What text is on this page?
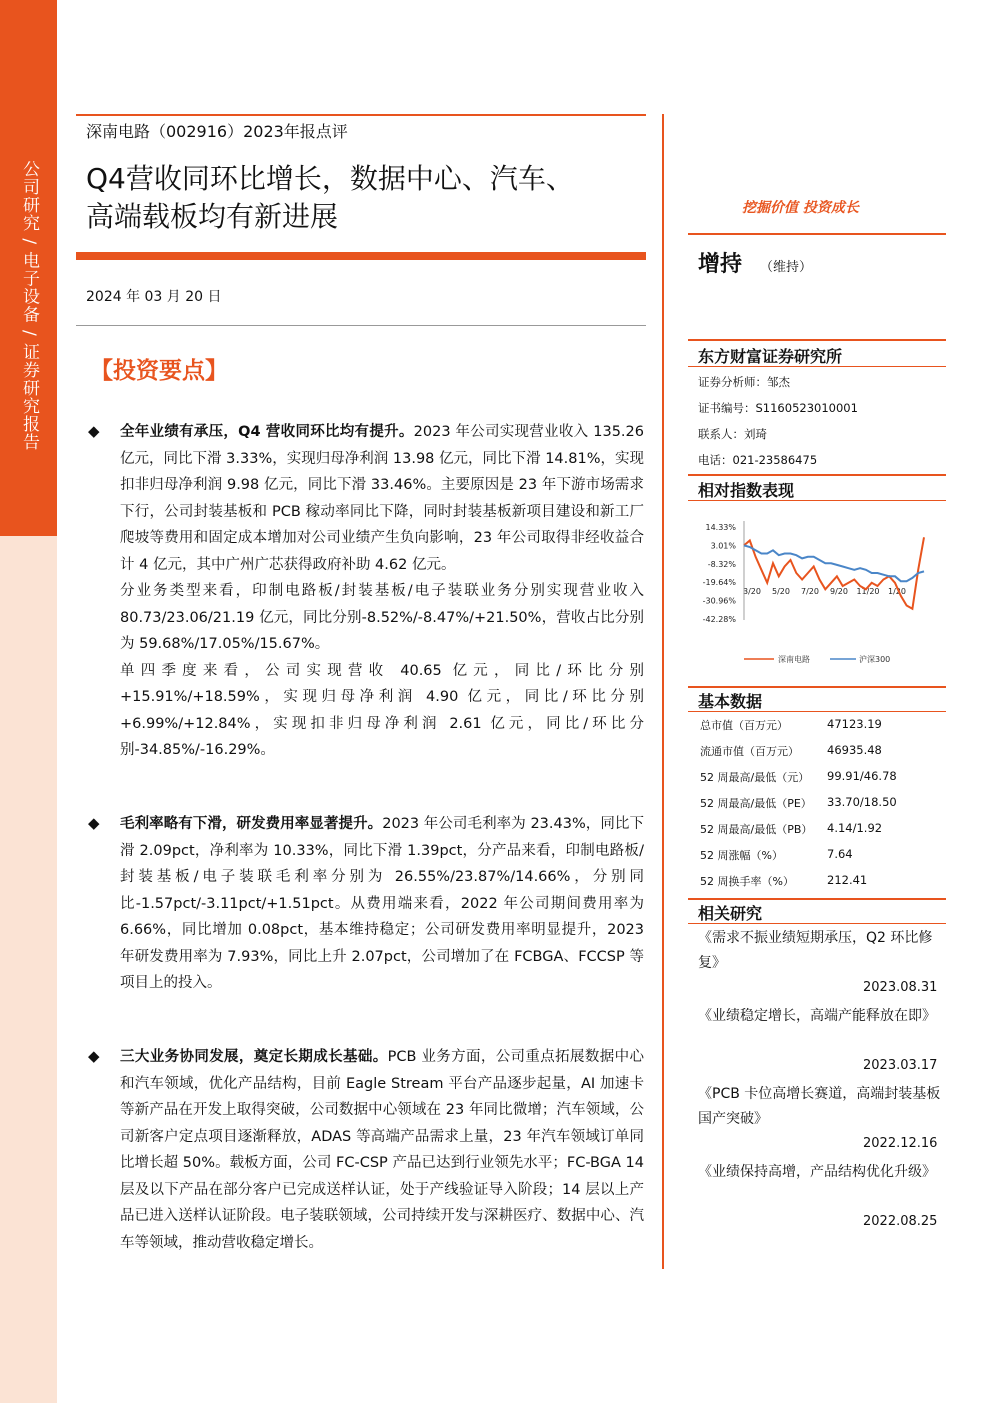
公司研究 / 电子设备 / 证券研究报告
深南电路（002916）2023年报点评
Q4营收同环比增长，数据中心、汽车、
高端载板均有新进展
2024 年 03 月 20 日
【投资要点】
◆ 全年业绩有承压，Q4 营收同环比均有提升。2023 年公司实现营业收入 135.26 亿元，同比下滑 3.33%，实现归母净利润 13.98 亿元，同比下滑 14.81%，实现扣非归母净利润 9.98 亿元，同比下滑 33.46%。主要原因是 23 年下游市场需求下行，公司封装基板和 PCB 稼动率同比下降，同时封装基板新项目建设和新工厂爬坡等费用和固定成本增加对公司业绩产生负向影响，23 年公司取得非经收益合计 4 亿元，其中广州广芯获得政府补助 4.62 亿元。

分业务类型来看，印制电路板/封装基板/电子装联业务分别实现营业收入 80.73/23.06/21.19 亿元，同比分别-8.52%/-8.47%/+21.50%，营收占比分别为 59.68%/17.05%/15.67%。

单四季度来看，公司实现营收 40.65 亿元，同比/环比分别+15.91%/+18.59%，实现归母净利润 4.90 亿元，同比/环比分别+6.99%/+12.84%，实现扣非归母净利润 2.61 亿元，同比/环比分别-34.85%/-16.29%。

◆ 毛利率略有下滑，研发费用率显著提升。2023 年公司毛利率为 23.43%，同比下滑 2.09pct，净利率为 10.33%，同比下滑 1.39pct，分产品来看，印制电路板/封装基板/电子装联毛利率分别为 26.55%/23.87%/14.66%，分别同比-1.57pct/-3.11pct/+1.51pct。从费用端来看，2022 年公司期间费用率为 6.66%，同比增加 0.08pct，基本维持稳定；公司研发费用率明显提升，2023 年研发费用率为 7.93%，同比上升 2.07pct，公司增加了在 FCBGA、FCCSP 等项目上的投入。

◆ 三大业务协同发展，奠定长期成长基础。PCB 业务方面，公司重点拓展数据中心和汽车领域，优化产品结构，目前 Eagle Stream 平台产品逐步起量，AI 加速卡等新产品在开发上取得突破，公司数据中心领域在 23 年同比微增；汽车领域，公司新客户定点项目逐渐释放，ADAS 等高端产品需求上量，23 年汽车领域订单同比增长超 50%。载板方面，公司 FC-CSP 产品已达到行业领先水平；FC-BGA 14 层及以下产品在部分客户已完成送样认证，处于产线验证导入阶段；14 层以上产品已进入送样认证阶段。电子装联领域，公司持续开发与深耕医疗、数据中心、汽车等领域，推动营收稳定增长。

挖掘价值 投资成长
增持 （维持）
东方财富证券研究所
证券分析师：邹杰
证书编号：S1160523010001
联系人：刘琦
电话：021-23586475
相对指数表现
14.33%
3.01%
-8.32%
-19.64%
-30.96%
-42.28%
3/20 5/20 7/20 9/20 11/20 1/20
深南电路	沪深300
基本数据
总市值（百万元）	47123.19
流通市值（百万元） 46935.48
52 周最高/最低（元） 99.91/46.78
52 周最高/最低（PE） 33.70/18.50
52 周最高/最低（PB） 4.14/1.92
52 周涨幅（%）	7.64
52 周换手率（%）	212.41
相关研究
《需求不振业绩短期承压，Q2 环比修复》
2023.08.31
《业绩稳定增长，高端产能释放在即》
2023.03.17
《PCB 卡位高增长赛道，高端封装基板国产突破》
2022.12.16
《业绩保持高增，产品结构优化升级》
2022.08.25
